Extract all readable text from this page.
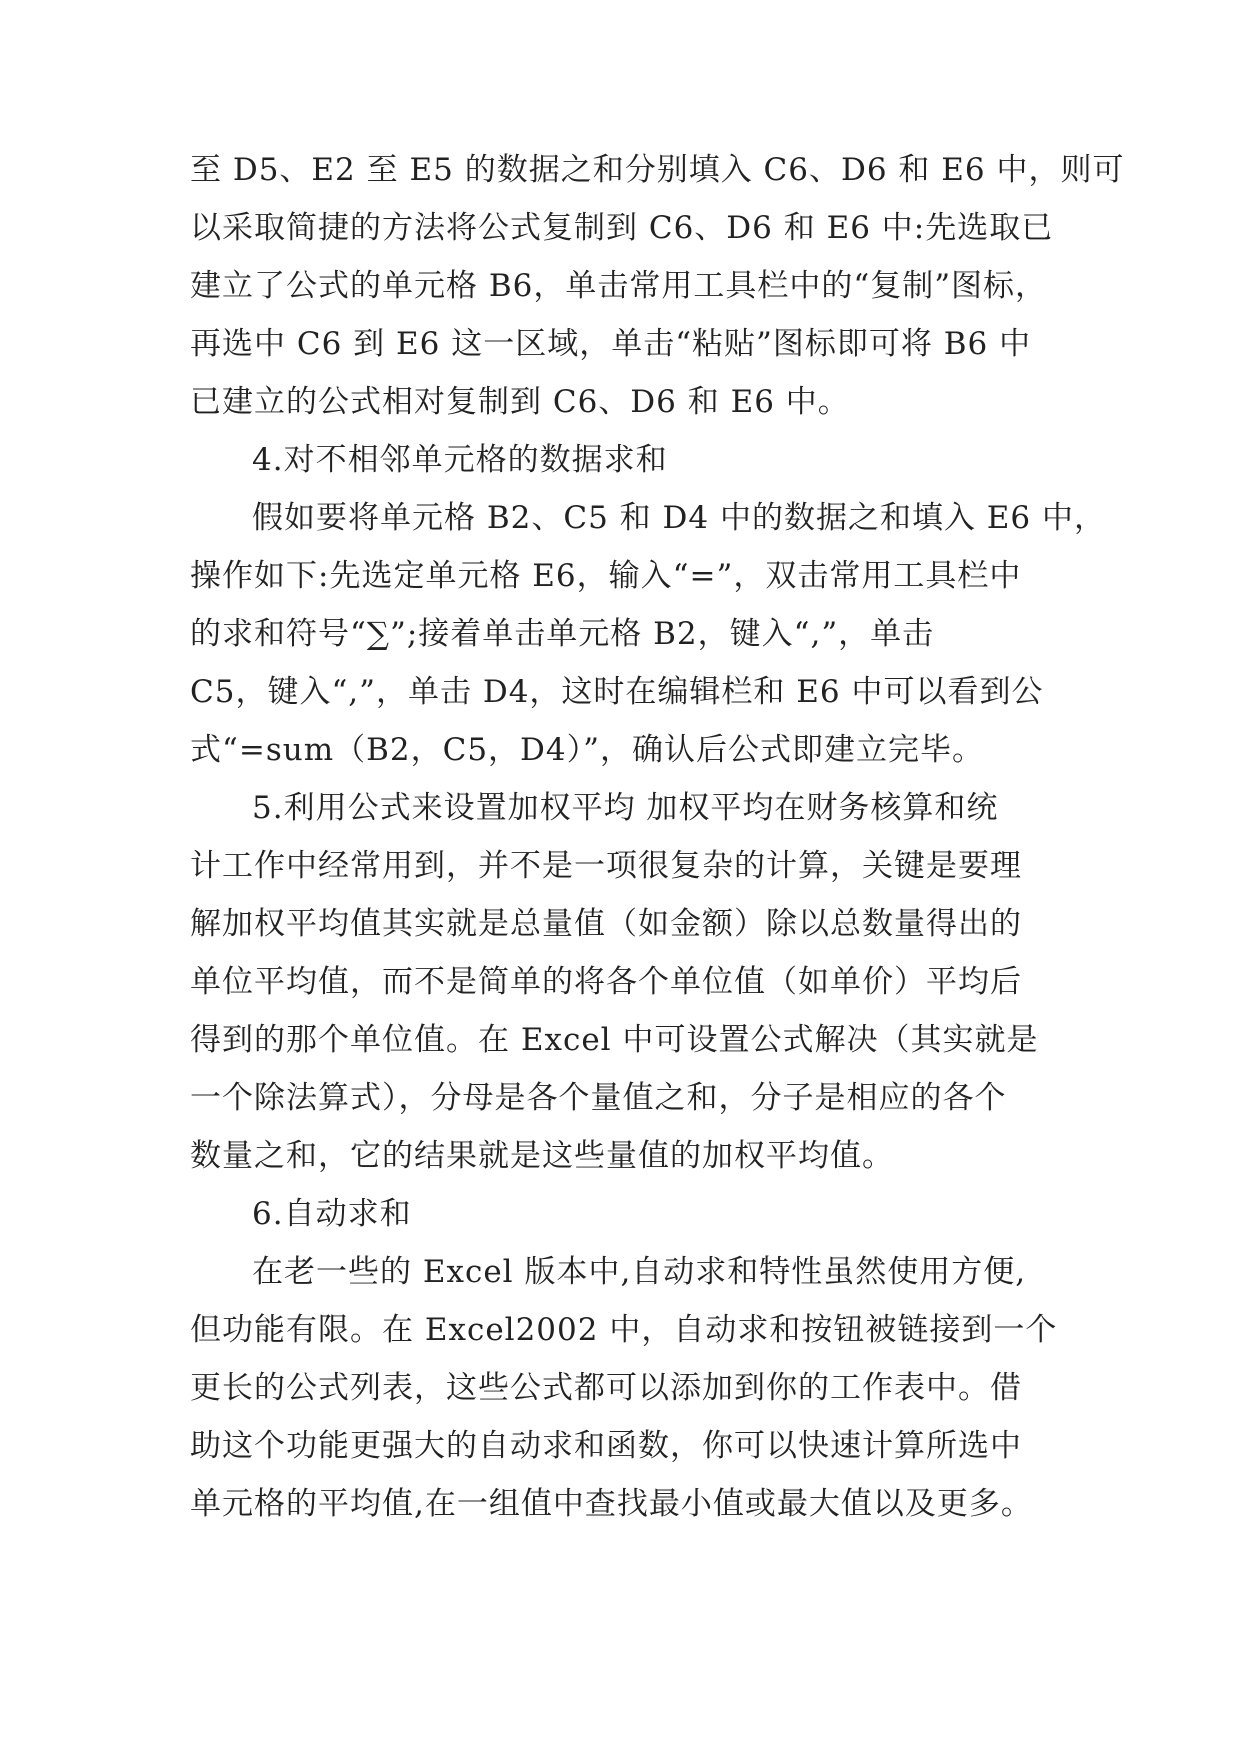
至 D5、E2 至 E5 的数据之和分别填入 C6、D6 和 E6 中，则可
以采取简捷的方法将公式复制到 C6、D6 和 E6 中:先选取已
建立了公式的单元格 B6，单击常用工具栏中的“复制”图标，
再选中 C6 到 E6 这一区域，单击“粘贴”图标即可将 B6 中
已建立的公式相对复制到 C6、D6 和 E6 中。
4.对不相邻单元格的数据求和
假如要将单元格 B2、C5 和 D4 中的数据之和填入 E6 中，
操作如下:先选定单元格 E6，输入“=”，双击常用工具栏中
的求和符号“∑”;接着单击单元格 B2，键入“,”，单击
C5，键入“,”，单击 D4，这时在编辑栏和 E6 中可以看到公
式“=sum（B2，C5，D4）”，确认后公式即建立完毕。
5.利用公式来设置加权平均 加权平均在财务核算和统
计工作中经常用到，并不是一项很复杂的计算，关键是要理
解加权平均值其实就是总量值（如金额）除以总数量得出的
单位平均值，而不是简单的将各个单位值（如单价）平均后
得到的那个单位值。在 Excel 中可设置公式解决（其实就是
一个除法算式），分母是各个量值之和，分子是相应的各个
数量之和，它的结果就是这些量值的加权平均值。
6.自动求和
在老一些的 Excel 版本中,自动求和特性虽然使用方便,
但功能有限。在 Excel2002 中，自动求和按钮被链接到一个
更长的公式列表，这些公式都可以添加到你的工作表中。借
助这个功能更强大的自动求和函数，你可以快速计算所选中
单元格的平均值,在一组值中查找最小值或最大值以及更多。
